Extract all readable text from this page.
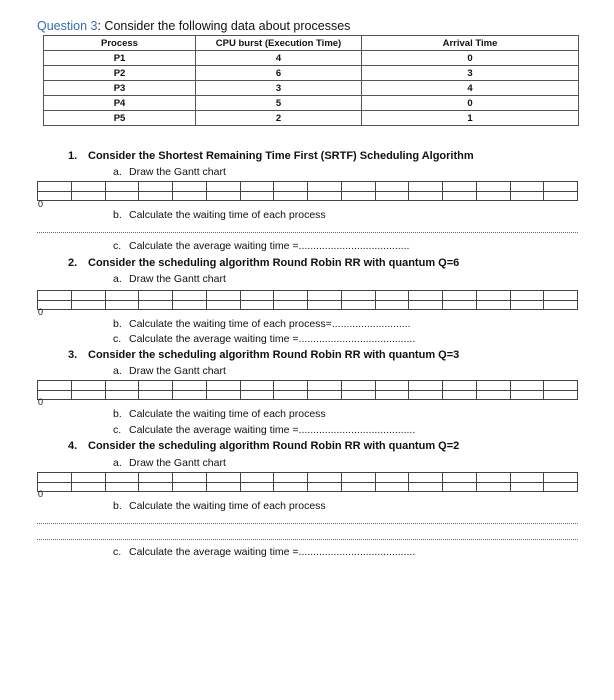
Question 3: Consider the following data about processes
Process	CPU burst (Execution Time)	Arrival Time
P1	4	0
P2	6	3
P3	3	4
P4	5	0
P5	2	1
1. Consider the Shortest Remaining Time First (SRTF) Scheduling Algorithm
a. Draw the Gantt chart
0
b. Calculate the waiting time of each process
c. Calculate the average waiting time =......................................
2. Consider the scheduling algorithm Round Robin RR with quantum Q=6
a. Draw the Gantt chart
0
b. Calculate the waiting time of each process=...........................
c. Calculate the average waiting time =........................................
3. Consider the scheduling algorithm Round Robin RR with quantum Q=3
a. Draw the Gantt chart
0
b. Calculate the waiting time of each process
c. Calculate the average waiting time =........................................
4. Consider the scheduling algorithm Round Robin RR with quantum Q=2
a. Draw the Gantt chart
0
b. Calculate the waiting time of each process
c. Calculate the average waiting time =........................................
